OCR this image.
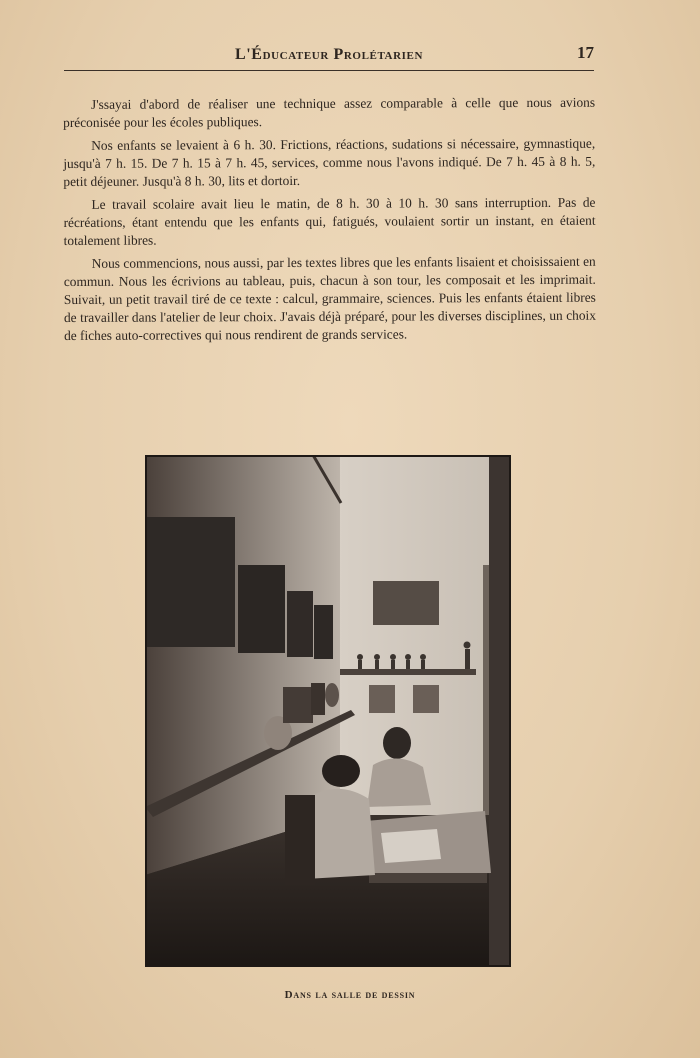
L'Éducateur Prolétarien	17

J'ssayai d'abord de réaliser une technique assez comparable à celle que nous avions préconisée pour les écoles publiques.

Nos enfants se levaient à 6 h. 30. Frictions, réactions, sudations si nécessaire, gymnastique, jusqu'à 7 h. 15. De 7 h. 15 à 7 h. 45, services, comme nous l'avons indiqué. De 7 h. 45 à 8 h. 5, petit déjeuner. Jusqu'à 8 h. 30, lits et dortoir.

Le travail scolaire avait lieu le matin, de 8 h. 30 à 10 h. 30 sans interruption. Pas de récréations, étant entendu que les enfants qui, fatigués, voulaient sortir un instant, en étaient totalement libres.

Nous commencions, nous aussi, par les textes libres que les enfants lisaient et choisissaient en commun. Nous les écrivions au tableau, puis, chacun à son tour, les composait et les imprimait. Suivait, un petit travail tiré de ce texte : calcul, grammaire, sciences. Puis les enfants étaient libres de travailler dans l'atelier de leur choix. J'avais déjà préparé, pour les diverses disciplines, un choix de fiches auto-correctives qui nous rendirent de grands services.

Dans la salle de dessin
